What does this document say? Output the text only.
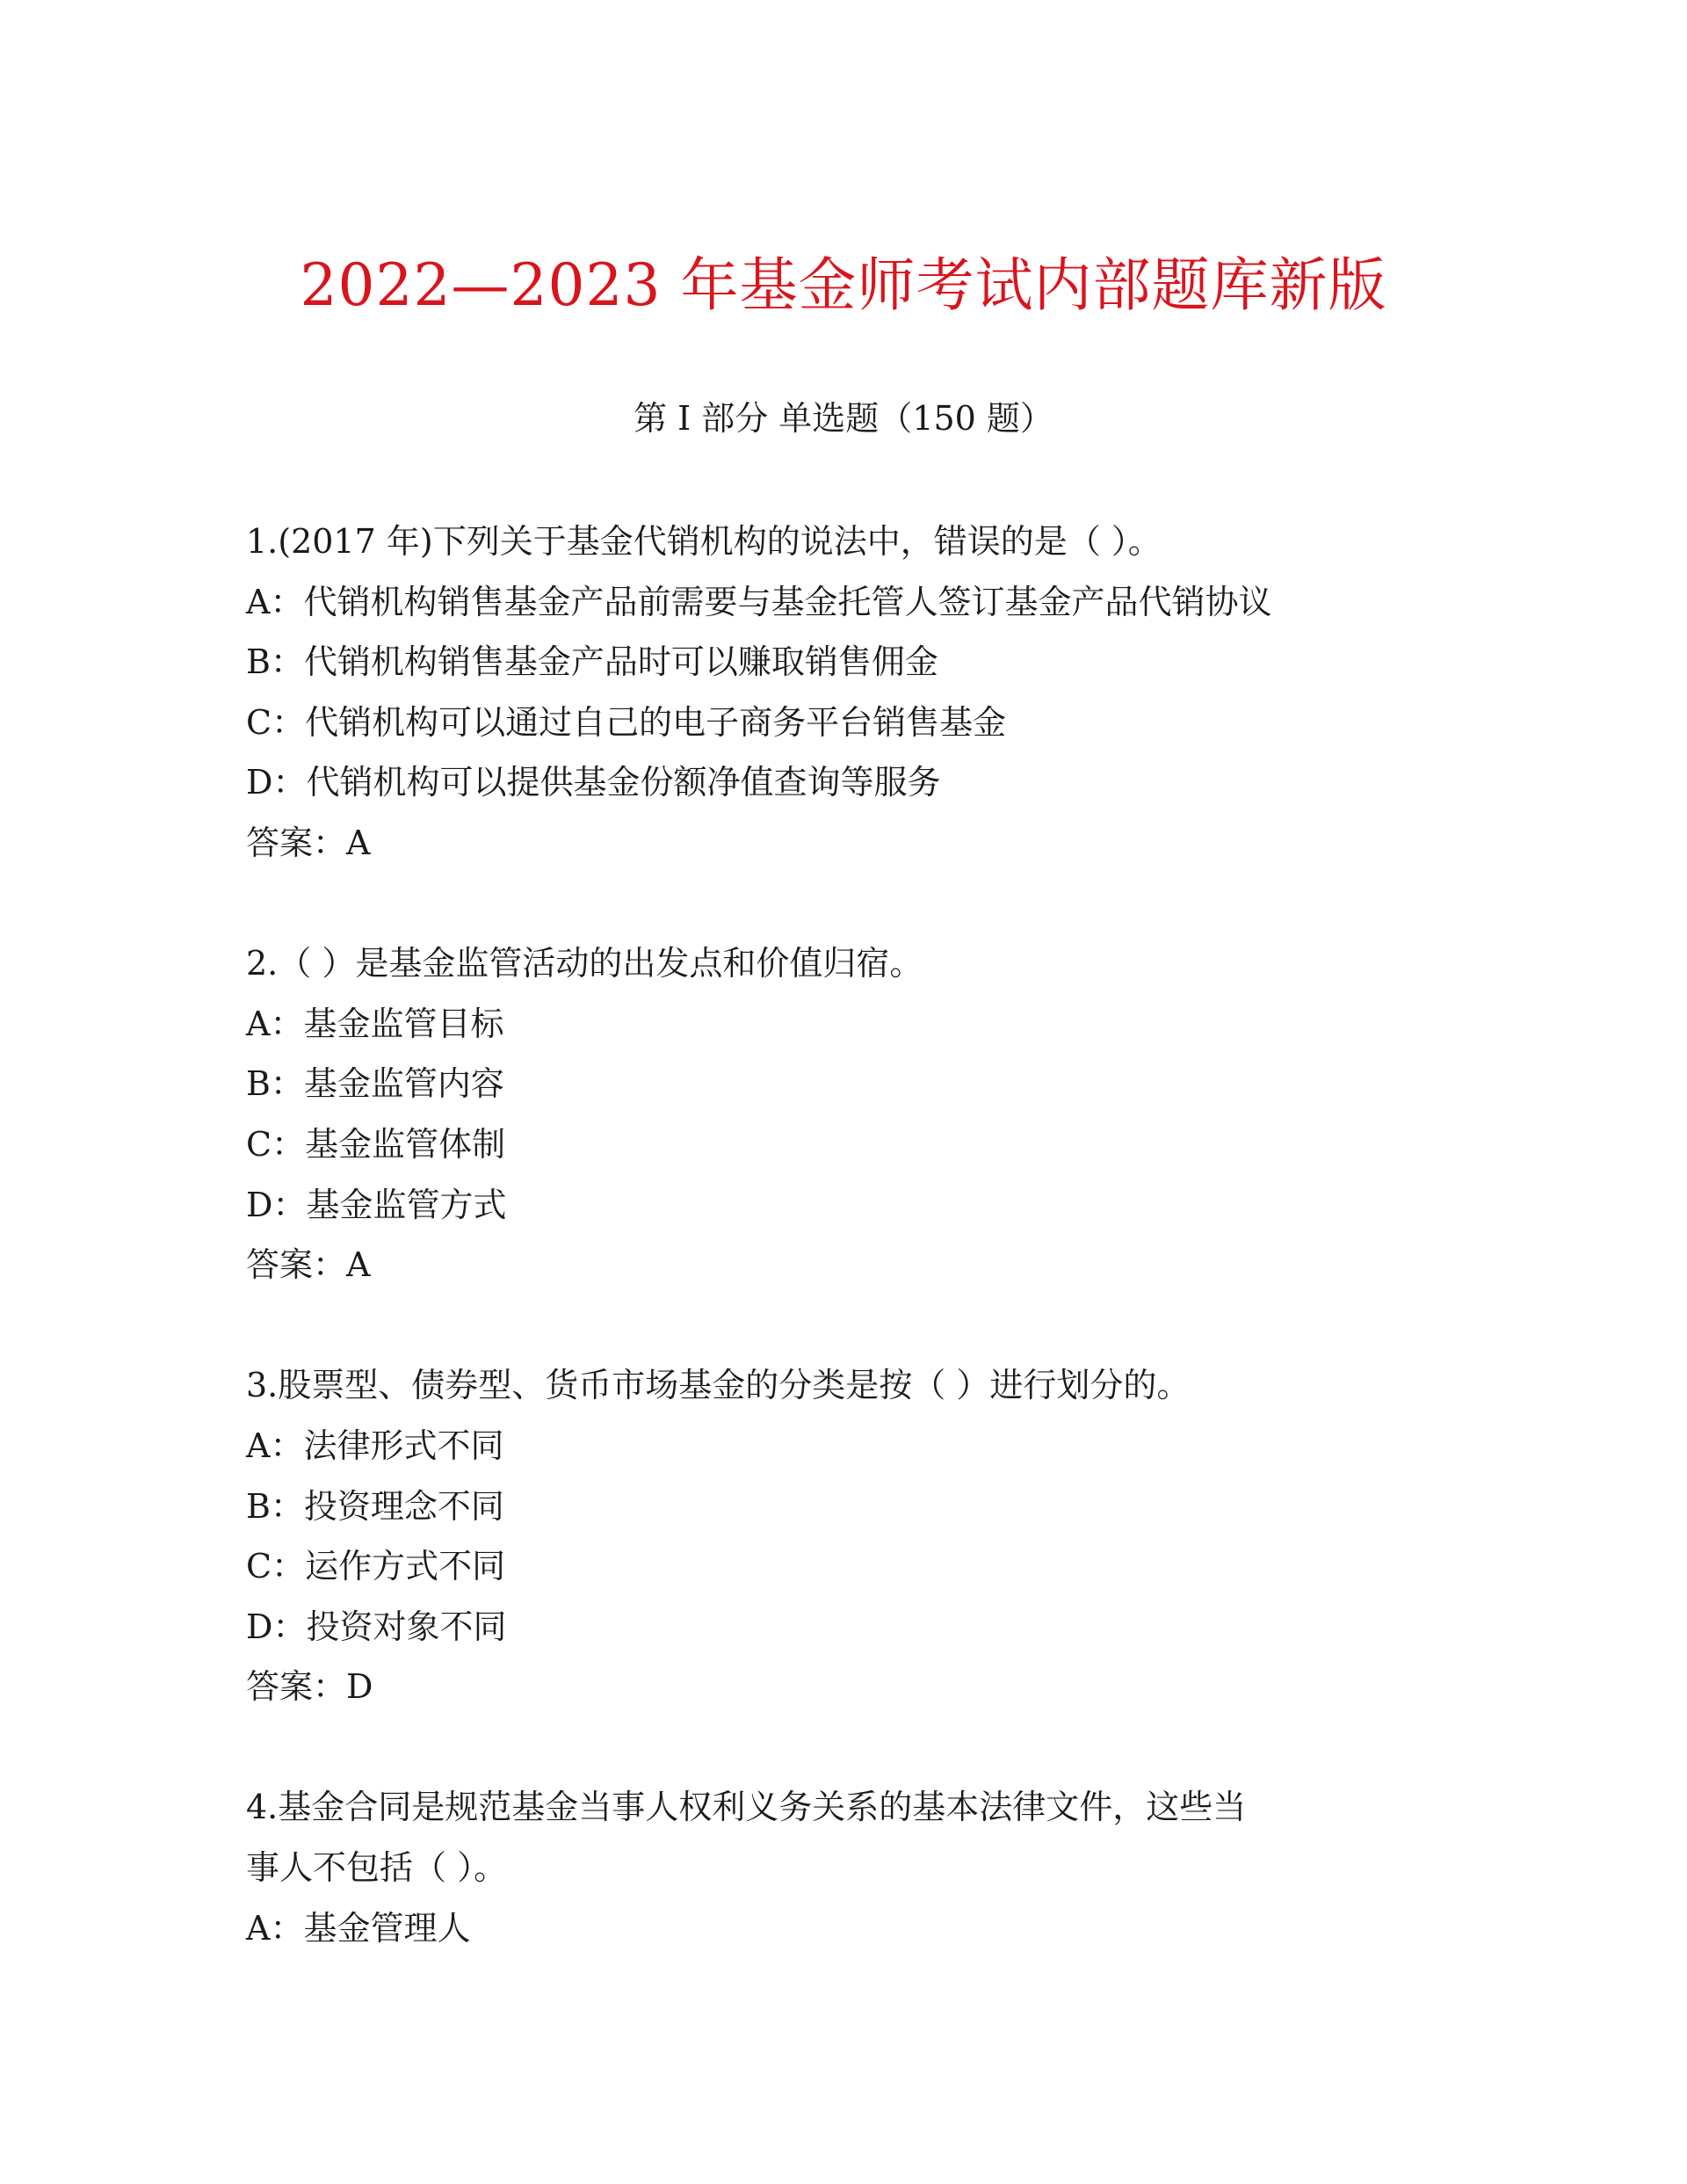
2022—2023 年基金师考试内部题库新版
第 I 部分 单选题（150 题）
1.(2017 年)下列关于基金代销机构的说法中，错误的是（ ）。
A：代销机构销售基金产品前需要与基金托管人签订基金产品代销协议
B：代销机构销售基金产品时可以赚取销售佣金
C：代销机构可以通过自己的电子商务平台销售基金
D：代销机构可以提供基金份额净值查询等服务
答案：A
2.（ ）是基金监管活动的出发点和价值归宿。
A：基金监管目标
B：基金监管内容
C：基金监管体制
D：基金监管方式
答案：A
3.股票型、债券型、货币市场基金的分类是按（ ）进行划分的。
A：法律形式不同
B：投资理念不同
C：运作方式不同
D：投资对象不同
答案：D
4.基金合同是规范基金当事人权利义务关系的基本法律文件，这些当
事人不包括（ ）。
A：基金管理人
